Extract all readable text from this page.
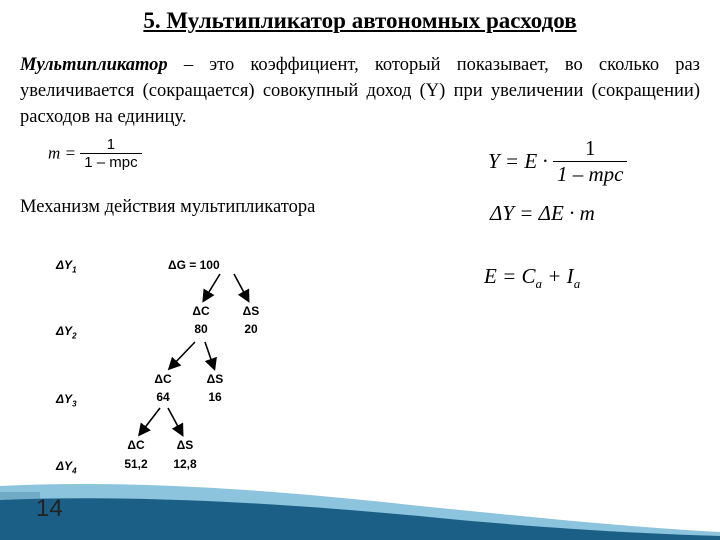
5. Мультипликатор автономных расходов
Мультипликатор – это коэффициент, который показывает, во сколько раз увеличивается (сокращается) совокупный доход (Y) при увеличении (сокращении) расходов на единицу.
$m = \frac{1}{\text{1 – mpc}}$	$Y = E \cdot \frac{1}{\text{1 – mpc}}$
ΔY = ΔE · m
$E = C_a + I_a$
Механизм действия мультипликатора
$\Delta Y_1$
$\Delta Y_2$
$\Delta Y_3$
$\Delta Y_4$
ΔG = 100
ΔC
80
ΔS
20
ΔC
64
ΔS
16
ΔC
51,2
ΔS
12,8
14
